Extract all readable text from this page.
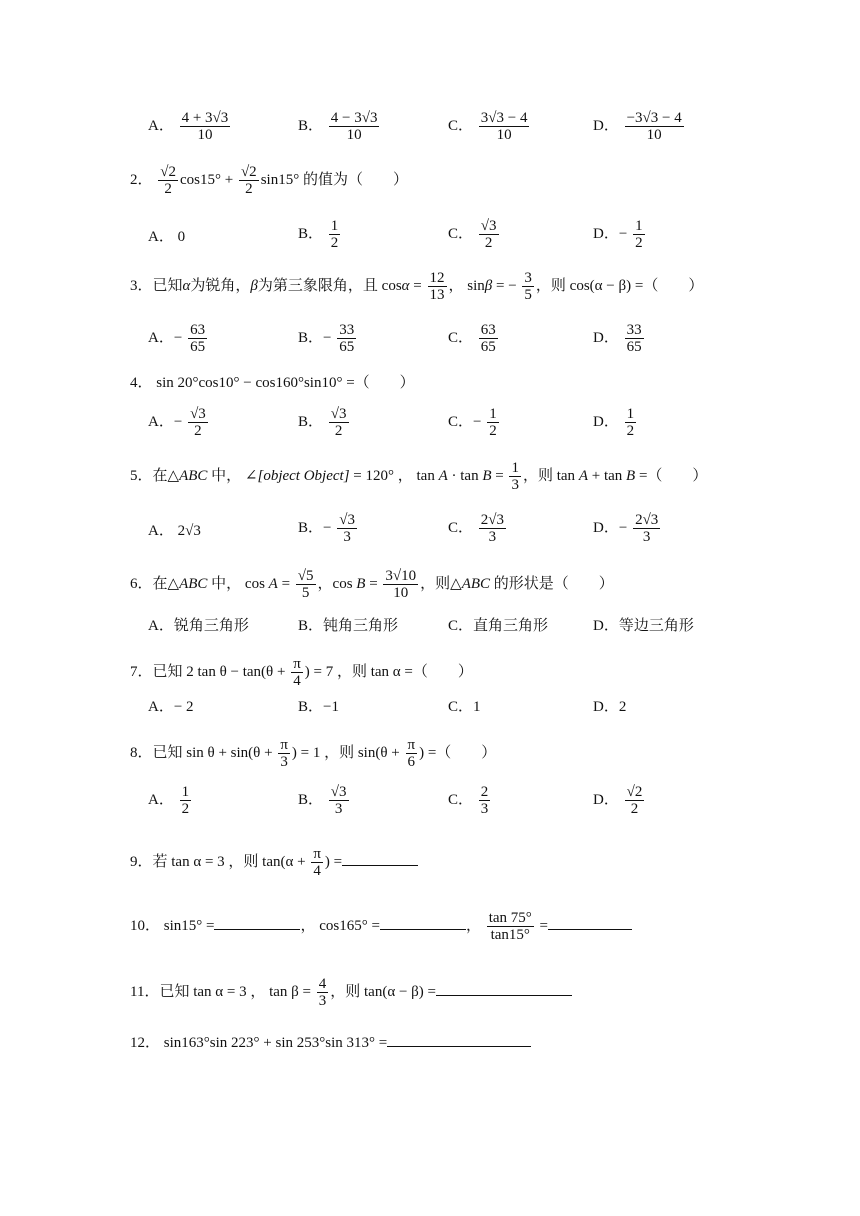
A． $\frac{4 + 3√3}{10}$	B． $\frac{4 - 3√3}{10}$	C． $\frac{3√3 - 4}{10}$	D． $\frac{-3√3 - 4}{10}$
2． $\frac{√2}{2} \cos 15^\circ + \frac{√2}{2} \sin 15^\circ$ 的值为（　　）
A． 0	B． $\frac{1}{2}$	C． $\frac{√3}{2}$	D．− $\frac{1}{2}$
3．已知α为锐角，β为第三象限角，且 $\cos\alpha = \frac{12}{13}$ ， sinβ = − $\frac{3}{5}$ ，则 cos(α − β) =（　　）
A．− $\frac{63}{65}$	B．− $\frac{33}{65}$	C． $\frac{63}{65}$	D． $\frac{33}{65}$
4． sin 20°cos10° − cos160°sin10° =（　　）
A．− $\frac{√3}{2}$	B． $\frac{√3}{2}$	C．− $\frac{1}{2}$	D． $\frac{1}{2}$
5．在△ABC 中， ∠[object Object] = 120° ， $\tan A \cdot \tan B = \frac{1}{3}$ ，则 tan A + tan B =（　　）
A． 2√3	B．− $\frac{√3}{3}$	C． $\frac{2√3}{3}$	D．− $\frac{2√3}{3}$
6．在△ABC 中， $\cos A = \frac{√5}{5}$ ，$\cos B = \frac{3√10}{10}$ ，则△ABC 的形状是（　　）
A．锐角三角形	B．钝角三角形	C．直角三角形	D．等边三角形
7．已知 2 $\tan \theta - \tan(\theta + \frac{\pi}{4}$ ) = 7 ，则 tan α =（　　）
A．− 2	B．−1	C．1	D．2
8．已知 $\sin \theta + \sin(\theta + \frac{\pi}{3}$ ) = 1 ，则 $\sin(\theta + \frac{\pi}{6}$ ) =（　　）
A． $\frac{1}{2}$	B． $\frac{√3}{3}$	C． $\frac{2}{3}$	D． $\frac{√2}{2}$
9．若 tan α = 3 ，则 $\tan(\alpha + \frac{\pi}{4}$ ) =
10． sin15° =	， cos165° =	， $\frac{\tan 75^\circ}{\tan 15^\circ}$ =
11．已知 tan α = 3 ， $\tan \beta = \frac{4}{3}$ ，则 tan(α − β) =
12． sin163°sin 223° + sin 253°sin 313° =
